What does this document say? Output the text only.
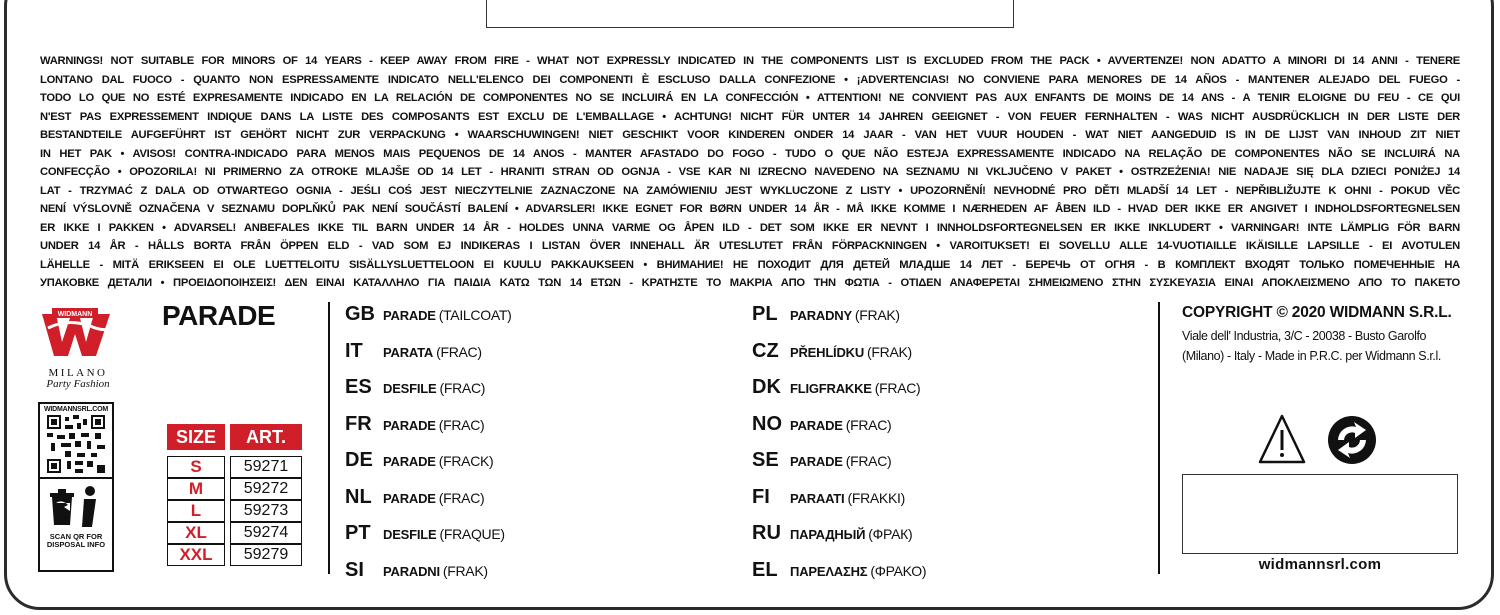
WARNINGS! NOT SUITABLE FOR MINORS OF 14 YEARS - KEEP AWAY FROM FIRE - WHAT NOT EXPRESSLY INDICATED IN THE COMPONENTS LIST IS EXCLUDED FROM THE PACK • AVVERTENZE! NON ADATTO A MINORI DI 14 ANNI - TENERE
LONTANO DAL FUOCO - QUANTO NON ESPRESSAMENTE INDICATO NELL'ELENCO DEI COMPONENTI È ESCLUSO DALLA CONFEZIONE • ¡ADVERTENCIAS! NO CONVIENE PARA MENORES DE 14 AÑOS - MANTENER ALEJADO DEL FUEGO -
TODO LO QUE NO ESTÉ EXPRESAMENTE INDICADO EN LA RELACIÓN DE COMPONENTES NO SE INCLUIRÁ EN LA CONFECCIÓN • ATTENTION! NE CONVIENT PAS AUX ENFANTS DE MOINS DE 14 ANS - A TENIR ELOIGNE DU FEU - CE QUI
N'EST PAS EXPRESSEMENT INDIQUE DANS LA LISTE DES COMPOSANTS EST EXCLU DE L'EMBALLAGE • ACHTUNG! NICHT FÜR UNTER 14 JAHREN GEEIGNET - VON FEUER FERNHALTEN - WAS NICHT AUSDRÜCKLICH IN DER LISTE DER
BESTANDTEILE AUFGEFÜHRT IST GEHÖRT NICHT ZUR VERPACKUNG • WAARSCHUWINGEN! NIET GESCHIKT VOOR KINDEREN ONDER 14 JAAR - VAN HET VUUR HOUDEN - WAT NIET AANGEDUID IS IN DE LIJST VAN INHOUD ZIT NIET
IN HET PAK • AVISOS! CONTRA-INDICADO PARA MENOS MAIS PEQUENOS DE 14 ANOS - MANTER AFASTADO DO FOGO - TUDO O QUE NÃO ESTEJA EXPRESSAMENTE INDICADO NA RELAÇÃO DE COMPONENTES NÃO SE INCLUIRÁ NA
CONFECÇÃO • OPOZORILA! NI PRIMERNO ZA OTROKE MLAJŠE OD 14 LET - HRANITI STRAN OD OGNJA - VSE KAR NI IZRECNO NAVEDENO NA SEZNAMU NI VKLJUČENO V PAKET • OSTRZEŻENIA! NIE NADAJE SIĘ DLA DZIECI PONIŻEJ 14
LAT - TRZYMAĆ Z DALA OD OTWARTEGO OGNIA - JEŚLI COŚ JEST NIECZYTELNIE ZAZNACZONE NA ZAMÓWIENIU JEST WYKLUCZONE Z LISTY • UPOZORNĚNÍ! NEVHODNÉ PRO DĚTI MLADŠÍ 14 LET - NEPŘIBLIŽUJTE K OHNI - POKUD VĚC
NENÍ VÝSLOVNĚ OZNAČENA V SEZNAMU DOPLŇKŮ PAK NENÍ SOUČÁSTÍ BALENÍ • ADVARSLER! IKKE EGNET FOR BØRN UNDER 14 ÅR - MÅ IKKE KOMME I NÆRHEDEN AF ÅBEN ILD - HVAD DER IKKE ER ANGIVET I INDHOLDSFORTEGNELSEN
ER IKKE I PAKKEN • ADVARSEL! ANBEFALES IKKE TIL BARN UNDER 14 ÅR - HOLDES UNNA VARME OG ÅPEN ILD - DET SOM IKKE ER NEVNT I INNHOLDSFORTEGNELSEN ER IKKE INKLUDERT • VARNINGAR! INTE LÄMPLIG FÖR BARN
UNDER 14 ÅR - HÅLLS BORTA FRÅN ÖPPEN ELD - VAD SOM EJ INDIKERAS I LISTAN ÖVER INNEHALL ÄR UTESLUTET FRÅN FÖRPACKNINGEN • VAROITUKSET! EI SOVELLU ALLE 14-VUOTIAILLE IKÄISILLE LAPSILLE - EI AVOTULEN
LÄHELLE - MITÄ ERIKSEEN EI OLE LUETTELOITU SISÄLLYSLUETTELOON EI KUULU PAKKAUKSEEN • ВНИМАНИЕ! НЕ ПОХОДИТ ДЛЯ ДЕТЕЙ МЛАДШЕ 14 ЛЕТ - БЕРЕЧЬ ОТ ОГНЯ - В КОМПЛЕКТ ВХОДЯТ ТОЛЬКО ПОМЕЧЕННЫЕ НА
УПАКОВКЕ ДЕТАЛИ • ΠΡΟΕΙΔΟΠΟΙΗΣΕΙΣ! ΔΕΝ ΕΙΝΑΙ ΚΑΤΑΛΛΗΛΟ ΓΙΑ ΠΑΙΔΙΑ ΚΑΤΩ ΤΩΝ 14 ΕΤΩΝ - ΚΡΑΤΗΣΤΕ ΤΟ ΜΑΚΡΙΑ ΑΠΟ ΤΗΝ ΦΩΤΙΑ - ΟΤΙΔΕΝ ΑΝΑΦΕΡΕΤΑΙ ΣΗΜΕΙΩΜΕΝΟ ΣΤΗΝ ΣΥΣΚΕΥΑΣΙΑ ΕΙΝΑΙ ΑΠΟΚΛΕΙΣΜΕΝΟ ΑΠΟ ΤΟ ΠΑΚΕΤΟ
WIDMANN
MILANO
Party Fashion
WIDMANNSRL.COM
SCAN QR FOR DISPOSAL INFO
PARADE
SIZE	ART.

S	59271
M	59272
L	59273
XL	59274
XXL	59279
GB PARADE (TAILCOAT)
IT	PARATA (FRAC)
ES DESFILE (FRAC)
FR PARADE (FRAC)
DE PARADE (FRACK)
NL PARADE (FRAC)
PT DESFILE (FRAQUE)
SI	PARADNI (FRAK)
PL PARADNY (FRAK)
CZ PŘEHLÍDKU (FRAK)
DK FLIGFRAKKE (FRAC)
NO PARADE (FRAC)
SE PARADE (FRAC)
FI	PARAATI (FRAKKI)
RU ПАРАДНЫЙ (ФРАК)
EL ΠΑΡΕΛΑΣΗΣ (ΦΡΑΚΟ)
COPYRIGHT © 2020 WIDMANN S.R.L.
Viale dell' Industria, 3/C - 20038 - Busto Garolfo
(Milano) - Italy - Made in P.R.C. per Widmann S.r.l.
widmannsrl.com
